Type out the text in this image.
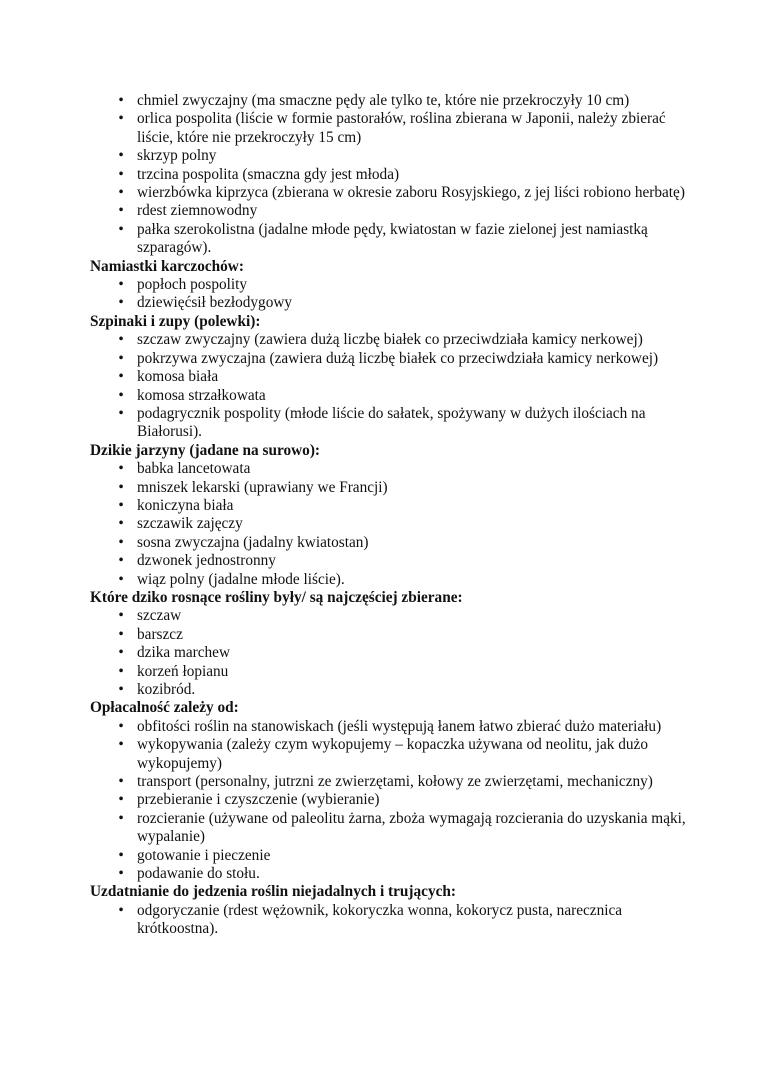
• chmiel zwyczajny (ma smaczne pędy ale tylko te, które nie przekroczyły 10 cm)
• orlica pospolita (liście w formie pastorałów, roślina zbierana w Japonii, należy zbierać liście, które nie przekroczyły 15 cm)
• skrzyp polny
• trzcina pospolita (smaczna gdy jest młoda)
• wierzbówka kiprzyca (zbierana w okresie zaboru Rosyjskiego, z jej liści robiono herbatę)
• rdest ziemnowodny
• pałka szerokolistna (jadalne młode pędy, kwiatostan w fazie zielonej jest namiastką szparagów).
Namiastki karczochów:
• popłoch pospolity
• dziewięćsił bezłodygowy
Szpinaki i zupy (polewki):
• szczaw zwyczajny (zawiera dużą liczbę białek co przeciwdziała kamicy nerkowej)
• pokrzywa zwyczajna (zawiera dużą liczbę białek co przeciwdziała kamicy nerkowej)
• komosa biała
• komosa strzałkowata
• podagrycznik pospolity (młode liście do sałatek, spożywany w dużych ilościach na Białorusi).
Dzikie jarzyny (jadane na surowo):
• babka lancetowata
• mniszek lekarski (uprawiany we Francji)
• koniczyna biała
• szczawik zajęczy
• sosna zwyczajna (jadalny kwiatostan)
• dzwonek jednostronny
• wiąz polny (jadalne młode liście).
Które dziko rosnące rośliny były/ są najczęściej zbierane:
• szczaw
• barszcz
• dzika marchew
• korzeń łopianu
• kozibród.
Opłacalność zależy od:
• obfitości roślin na stanowiskach (jeśli występują łanem łatwo zbierać dużo materiału)
• wykopywania (zależy czym wykopujemy – kopaczka używana od neolitu, jak dużo wykopujemy)
• transport (personalny, jutrzni ze zwierzętami, kołowy ze zwierzętami, mechaniczny)
• przebieranie i czyszczenie (wybieranie)
• rozcieranie (używane od paleolitu żarna, zboża wymagają rozcierania do uzyskania mąki, wypalanie)
• gotowanie i pieczenie
• podawanie do stołu.
Uzdatnianie do jedzenia roślin niejadalnych i trujących:
• odgoryczanie (rdest wężownik, kokoryczka wonna, kokorycz pusta, narecznica krótkoostna).
